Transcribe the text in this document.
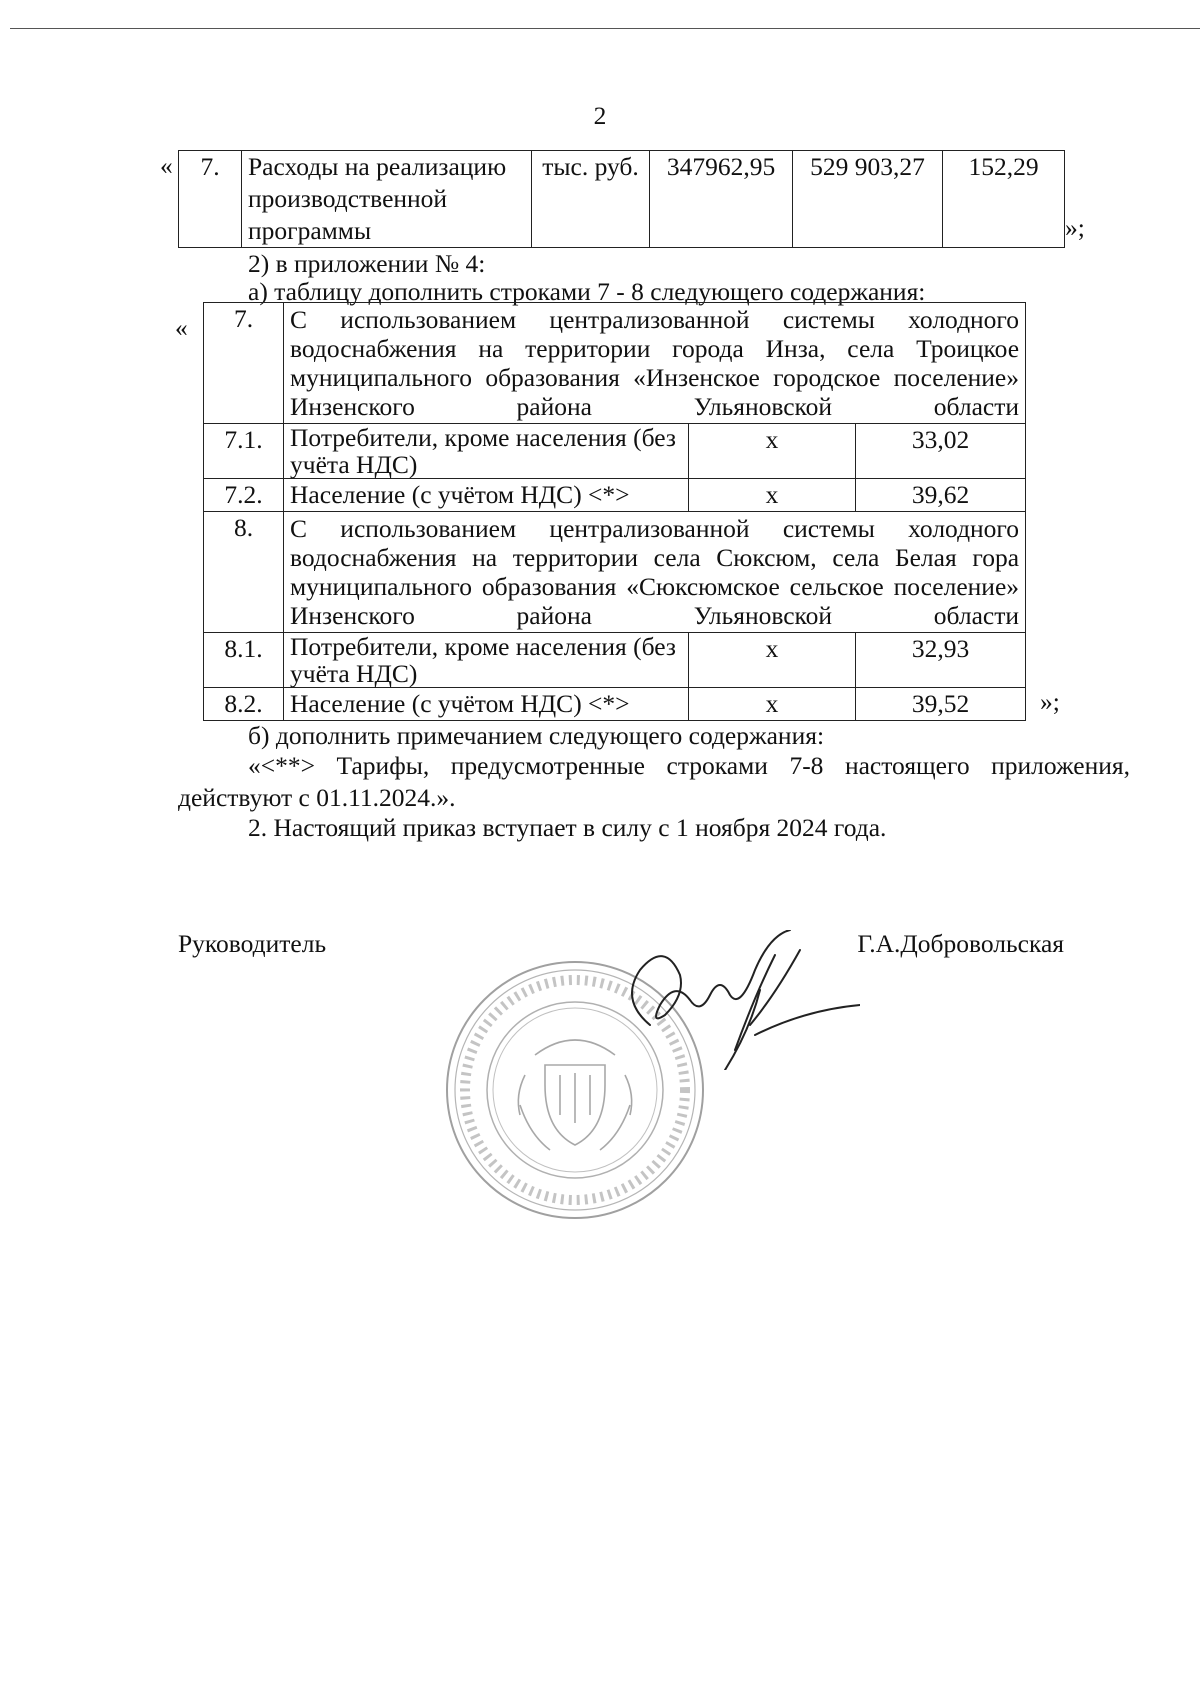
2
« 7.	Расходы на реализацию производственной программы	тыс. руб.	347962,95	529 903,27	152,29
»;
2) в приложении № 4:
а) таблицу дополнить строками 7 - 8 следующего содержания:
« 7.	С использованием централизованной системы холодного водоснабжения на территории города Инза, села Троицкое муниципального образования «Инзенское городское поселение» Инзенского района Ульяновской области		
7.1.	Потребители, кроме населения (без учёта НДС)	х	33,02
7.2.	Население (с учётом НДС) <*>	х	39,62
8.	С использованием централизованной системы холодного водоснабжения на территории села Сюксюм, села Белая гора муниципального образования «Сюксюмское сельское поселение» Инзенского района Ульяновской области		
8.1.	Потребители, кроме населения (без учёта НДС)	х	32,93
8.2.	Население (с учётом НДС) <*>	х	39,52	»;
б) дополнить примечанием следующего содержания:
«<**> Тарифы, предусмотренные строками 7-8 настоящего приложения, действуют с 01.11.2024.».
2. Настоящий приказ вступает в силу с 1 ноября 2024 года.
Руководитель	Г.А.Добровольская
